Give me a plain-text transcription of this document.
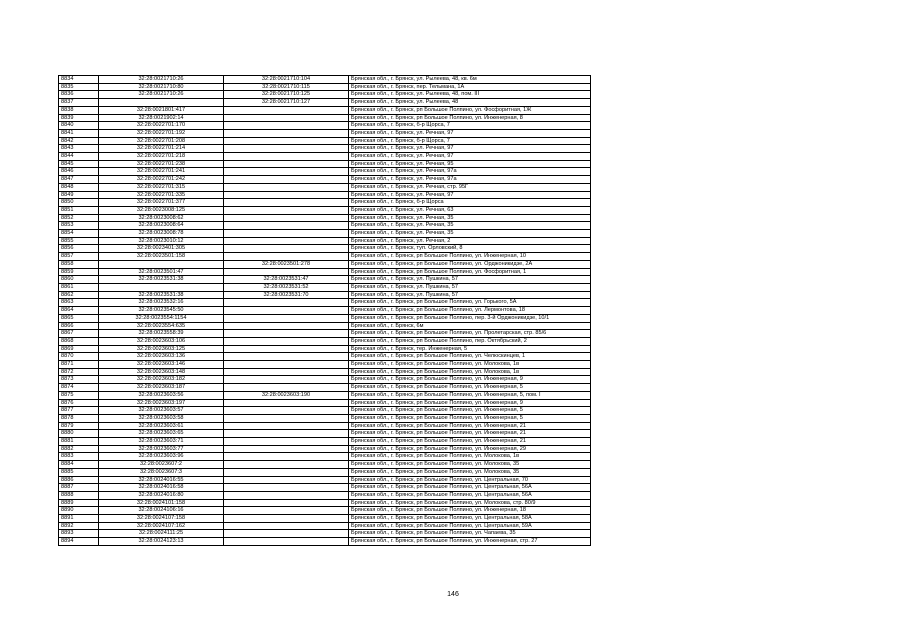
8834	32:28:0021710:26	32:28:0021710:104	Брянская обл., г. Брянск, ул. Рылеева, 48, кв. 6м
8835	32:28:0021710:80	32:28:0021710:115	Брянская обл., г. Брянск, пер. Тельмана, 1А
8836	32:28:0021710:26	32:28:0021710:125	Брянская обл., г. Брянск, ул. Рылеева, 48, пом. III
8837		32:28:0021710:127	Брянская обл., г. Брянск, ул. Рылеева, 48
8838	32:28:0021801:417		Брянская обл., г. Брянск, рп Большое Полпино, ул. Фосфоритная, 1Ж
8839	32:28:0021902:14		Брянская обл., г. Брянск, рп Большое Полпино, ул. Инженерная, 8
8840	32:28:0022701:170		Брянская обл., г. Брянск, б-р Щорса, 7
8841	32:28:0022701:192		Брянская обл., г. Брянск, ул. Речная, 97
8842	32:28:0022701:208		Брянская обл., г. Брянск, б-р Щорса, 7
8843	32:28:0022701:214		Брянская обл., г. Брянск, ул. Речная, 97
8844	32:28:0022701:218		Брянская обл., г. Брянск, ул. Речная, 97
8845	32:28:0022701:238		Брянская обл., г. Брянск, ул. Речная, 95
8846	32:28:0022701:241		Брянская обл., г. Брянск, ул. Речная, 97а
8847	32:28:0022701:242		Брянская обл., г. Брянск, ул. Речная, 97а
8848	32:28:0022701:315		Брянская обл., г. Брянск, ул. Речная, стр. 95Г
8849	32:28:0022701:335		Брянская обл., г. Брянск, ул. Речная, 97
8850	32:28:0022701:377		Брянская обл., г. Брянск, б-р Щорса
8851	32:28:0023008:125		Брянская обл., г. Брянск, ул. Речная, 63
8852	32:28:0023008:62		Брянская обл., г. Брянск, ул. Речная, 35
8853	32:28:0023008:64		Брянская обл., г. Брянск, ул. Речная, 35
8854	32:28:0023008:78		Брянская обл., г. Брянск, ул. Речная, 35
8855	32:28:0023010:12		Брянская обл., г. Брянск, ул. Речная, 2
8856	32:28:0023401:305		Брянская обл., г. Брянск, туп. Орловский, 8
8857	32:28:0023501:158		Брянская обл., г. Брянск, рп Большое Полпино, ул. Инженерная, 10
8858		32:28:0023501:278	Брянская обл., г. Брянск, рп Большое Полпино, ул. Орджоникидзе, 2А
8859	32:28:0023501:47		Брянская обл., г. Брянск, рп Большое Полпино, ул. Фосфоритная, 1
8860	32:28:0023531:38	32:28:0023531:47	Брянская обл., г. Брянск, ул. Пушкина, 57
8861		32:28:0023531:52	Брянская обл., г. Брянск, ул. Пушкина, 57
8862	32:28:0023531:38	32:28:0023531:70	Брянская обл., г. Брянск, ул. Пушкина, 57
8863	32:28:0023532:16		Брянская обл., г. Брянск, рп Большое Полпино, ул. Горького, 5А
8864	32:28:0023545:50		Брянская обл., г. Брянск, рп Большое Полпино, ул. Лермонтова, 18
8865	32:28:0023554:1154		Брянская обл., г. Брянск, рп Большое Полпино, пер. 3-й Орджоникидзе, 10/1
8866	32:28:0023554:635		Брянская обл., г. Брянск, 6м
8867	32:28:0023558:39		Брянская обл., г. Брянск, рп Большое Полпино, ул. Пролетарская, стр. 85/6
8868	32:28:0023603:106		Брянская обл., г. Брянск, рп Большое Полпино, пер. Октябрьский, 2
8869	32:28:0023603:125		Брянская обл., г. Брянск, тер. Инженерная, 5
8870	32:28:0023603:136		Брянская обл., г. Брянск, рп Большое Полпино, ул. Челюскинцев, 1
8871	32:28:0023603:146		Брянская обл., г. Брянск, рп Большое Полпино, ул. Молокова, 1в
8872	32:28:0023603:148		Брянская обл., г. Брянск, рп Большое Полпино, ул. Молокова, 1в
8873	32:28:0023603:182		Брянская обл., г. Брянск, рп Большое Полпино, ул. Инженерная, 9
8874	32:28:0023603:187		Брянская обл., г. Брянск, рп Большое Полпино, ул. Инженерная, 5
8875	32:28:0023603:56	32:28:0023603:190	Брянская обл., г. Брянск, рп Большое Полпино, ул. Инженерная, 5, пом. I
8876	32:28:0023603:197		Брянская обл., г. Брянск, рп Большое Полпино, ул. Инженерная, 9
8877	32:28:0023603:57		Брянская обл., г. Брянск, рп Большое Полпино, ул. Инженерная, 5
8878	32:28:0023603:58		Брянская обл., г. Брянск, рп Большое Полпино, ул. Инженерная, 5
8879	32:28:0023603:61		Брянская обл., г. Брянск, рп Большое Полпино, ул. Инженерная, 21
8880	32:28:0023603:65		Брянская обл., г. Брянск, рп Большое Полпино, ул. Инженерная, 21
8881	32:28:0023603:71		Брянская обл., г. Брянск, рп Большое Полпино, ул. Инженерная, 21
8882	32:28:0023603:77		Брянская обл., г. Брянск, рп Большое Полпино, ул. Инженерная, 29
8883	32:28:0023603:96		Брянская обл., г. Брянск, рп Большое Полпино, ул. Молокова, 1в
8884	32:28:0023607:2		Брянская обл., г. Брянск, рп Большое Полпино, ул. Молокова, 35
8885	32:28:0023607:3		Брянская обл., г. Брянск, рп Большое Полпино, ул. Молокова, 35
8886	32:28:0024016:55		Брянская обл., г. Брянск, рп Большое Полпино, ул. Центральная, 70
8887	32:28:0024016:58		Брянская обл., г. Брянск, рп Большое Полпино, ул. Центральная, 56А
8888	32:28:0024016:80		Брянская обл., г. Брянск, рп Большое Полпино, ул. Центральная, 56А
8889	32:28:0024101:158		Брянская обл., г. Брянск, рп Большое Полпино, ул. Молокова, стр. 80/9
8890	32:28:0024106:16		Брянская обл., г. Брянск, рп Большое Полпино, ул. Инженерная, 18
8891	32:28:0024107:158		Брянская обл., г. Брянск, рп Большое Полпино, ул. Центральная, 58А
8892	32:28:0024107:162		Брянская обл., г. Брянск, рп Большое Полпино, ул. Центральная, 59А
8893	32:28:0024111:25		Брянская обл., г. Брянск, рп Большое Полпино, ул. Чапаева, 35
8894	32:28:0024123:13		Брянская обл., г. Брянск, рп Большое Полпино, ул. Инженерная, стр. 27
146
